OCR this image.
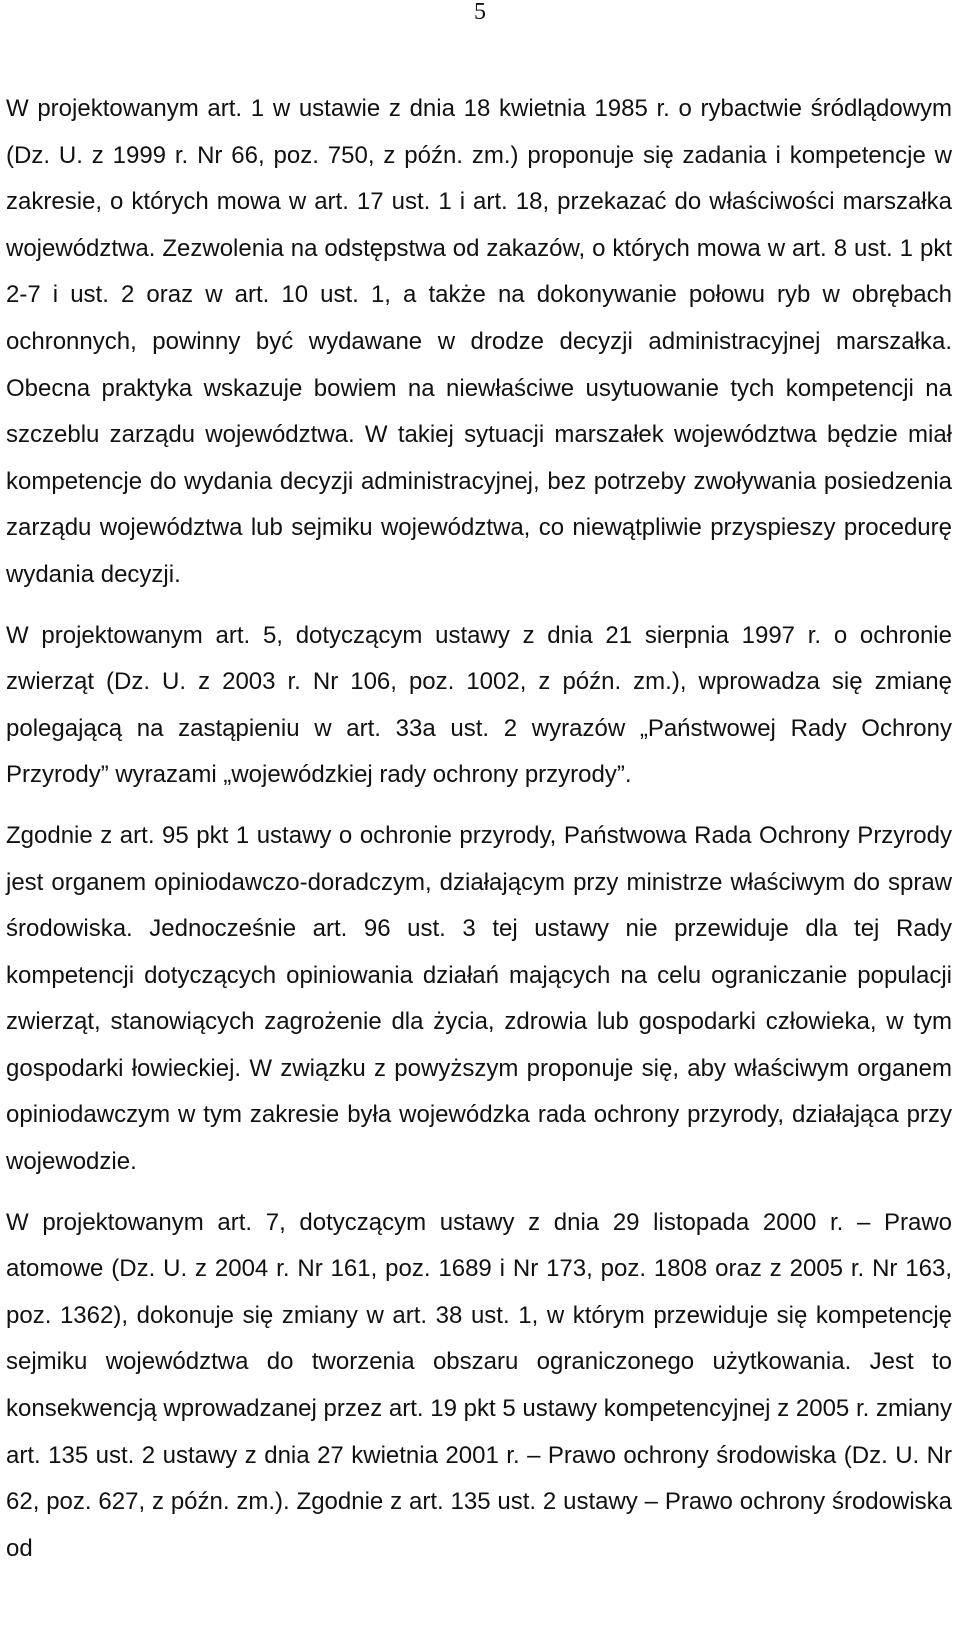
5

W projektowanym art. 1 w ustawie z dnia 18 kwietnia 1985 r. o rybactwie śródlądowym (Dz. U. z 1999 r. Nr 66, poz. 750, z późn. zm.) proponuje się zadania i kompetencje w zakresie, o których mowa w art. 17 ust. 1 i art. 18, przekazać do właściwości marszałka województwa. Zezwolenia na odstępstwa od zakazów, o których mowa w art. 8 ust. 1 pkt 2-7 i ust. 2 oraz w art. 10 ust. 1, a także na dokonywanie połowu ryb w obrębach ochronnych, powinny być wydawane w drodze decyzji administracyjnej marszałka. Obecna praktyka wskazuje bowiem na niewłaściwe usytuowanie tych kompetencji na szczeblu zarządu województwa. W takiej sytuacji marszałek województwa będzie miał kompetencje do wydania decyzji administracyjnej, bez potrzeby zwoływania posiedzenia zarządu województwa lub sejmiku województwa, co niewątpliwie przyspieszy procedurę wydania decyzji.

W projektowanym art. 5, dotyczącym ustawy z dnia 21 sierpnia 1997 r. o ochronie zwierząt (Dz. U. z 2003 r. Nr 106, poz. 1002, z późn. zm.), wprowadza się zmianę polegającą na zastąpieniu w art. 33a ust. 2 wyrazów „Państwowej Rady Ochrony Przyrody” wyrazami „wojewódzkiej rady ochrony przyrody”.

Zgodnie z art. 95 pkt 1 ustawy o ochronie przyrody, Państwowa Rada Ochrony Przyrody jest organem opiniodawczo-doradczym, działającym przy ministrze właściwym do spraw środowiska. Jednocześnie art. 96 ust. 3 tej ustawy nie przewiduje dla tej Rady kompetencji dotyczących opiniowania działań mających na celu ograniczanie populacji zwierząt, stanowiących zagrożenie dla życia, zdrowia lub gospodarki człowieka, w tym gospodarki łowieckiej. W związku z powyższym proponuje się, aby właściwym organem opiniodawczym w tym zakresie była wojewódzka rada ochrony przyrody, działająca przy wojewodzie.

W projektowanym art. 7, dotyczącym ustawy z dnia 29 listopada 2000 r. – Prawo atomowe (Dz. U. z 2004 r. Nr 161, poz. 1689 i Nr 173, poz. 1808 oraz z 2005 r. Nr 163, poz. 1362), dokonuje się zmiany w art. 38 ust. 1, w którym przewiduje się kompetencję sejmiku województwa do tworzenia obszaru ograniczonego użytkowania. Jest to konsekwencją wprowadzanej przez art. 19 pkt 5 ustawy kompetencyjnej z 2005 r. zmiany art. 135 ust. 2 ustawy z dnia 27 kwietnia 2001 r. – Prawo ochrony środowiska (Dz. U. Nr 62, poz. 627, z późn. zm.). Zgodnie z art. 135 ust. 2 ustawy – Prawo ochrony środowiska od
